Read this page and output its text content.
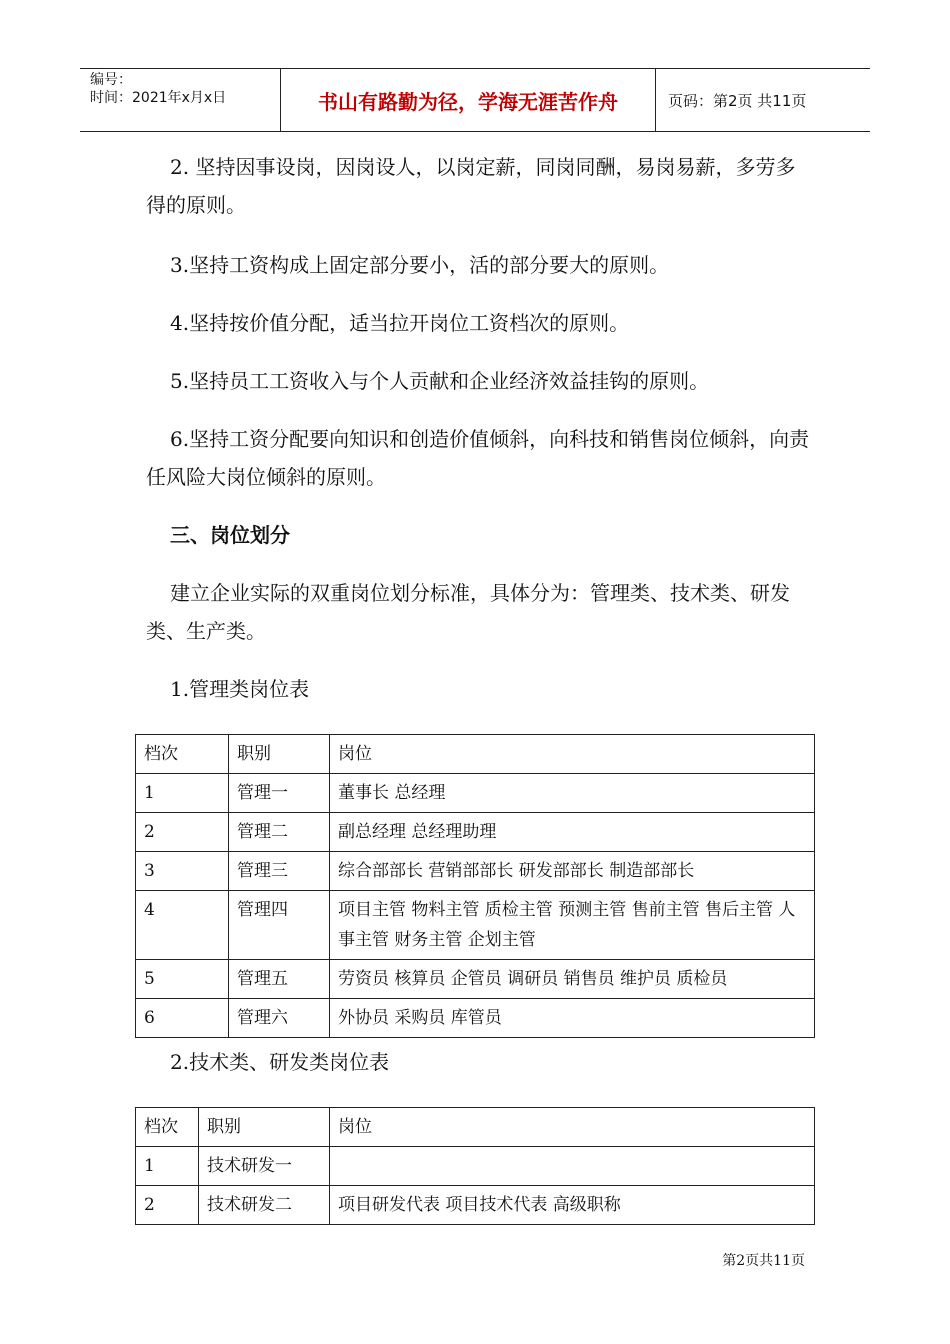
编号：
时间：2021年x月x日	书山有路勤为径，学海无涯苦作舟	页码：第2页 共11页
2. 坚持因事设岗，因岗设人，以岗定薪，同岗同酬，易岗易薪，多劳多得的原则。
3.坚持工资构成上固定部分要小，活的部分要大的原则。
4.坚持按价值分配，适当拉开岗位工资档次的原则。
5.坚持员工工资收入与个人贡献和企业经济效益挂钩的原则。
6.坚持工资分配要向知识和创造价值倾斜，向科技和销售岗位倾斜，向责任风险大岗位倾斜的原则。
三、岗位划分
建立企业实际的双重岗位划分标准，具体分为：管理类、技术类、研发类、生产类。
1.管理类岗位表
档次	职别	岗位
1	管理一	董事长 总经理
2	管理二	副总经理 总经理助理
3	管理三	综合部部长 营销部部长 研发部部长 制造部部长
4	管理四	项目主管 物料主管 质检主管 预测主管 售前主管 售后主管 人事主管 财务主管 企划主管
5	管理五	劳资员 核算员 企管员 调研员 销售员 维护员 质检员
6	管理六	外协员 采购员 库管员
2.技术类、研发类岗位表
档次	职别	岗位
1	技术研发一	
2	技术研发二	项目研发代表 项目技术代表 高级职称
第2页共11页
